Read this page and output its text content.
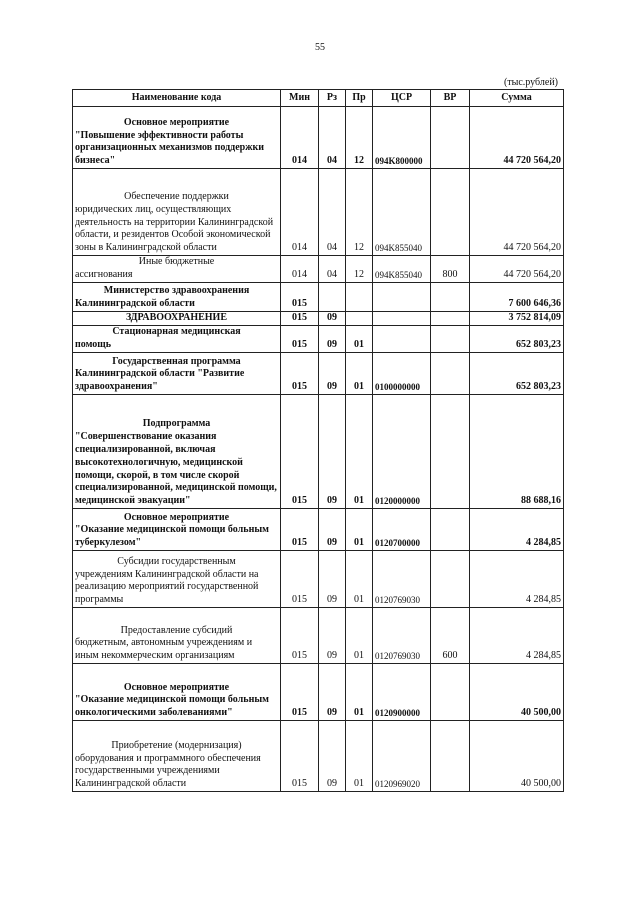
55
(тыс.рублей)
Наименование кода	Мин	Рз	Пр	ЦСР	ВР	Сумма

Основное мероприятие
"Повышение эффективности работы организационных механизмов поддержки бизнеса"	014	04	12	094K800000		44 720 564,20

Обеспечение поддержки
юридических лиц, осуществляющих деятельность на территории Калининградской области, и резидентов Особой экономической зоны в Калининградской области	014	04	12	094K855040		44 720 564,20

Иные бюджетные
ассигнования	014	04	12	094K855040	800	44 720 564,20

Министерство здравоохранения
Калининградской области	015					7 600 646,36

ЗДРАВООХРАНЕНИЕ	015	09				3 752 814,09

Стационарная медицинская
помощь	015	09	01			652 803,23

Государственная программа
Калининградской области "Развитие здравоохранения"	015	09	01	0100000000		652 803,23

Подпрограмма
"Совершенствование оказания специализированной, включая высокотехнологичную, медицинской помощи, скорой, в том числе скорой специализированной, медицинской помощи, медицинской эвакуации"	015	09	01	0120000000		88 688,16

Основное мероприятие
"Оказание медицинской помощи больным туберкулезом"	015	09	01	0120700000		4 284,85

Субсидии государственным
учреждениям Калининградской области на реализацию мероприятий государственной программы	015	09	01	0120769030		4 284,85

Предоставление субсидий
бюджетным, автономным учреждениям и иным некоммерческим организациям	015	09	01	0120769030	600	4 284,85

Основное мероприятие
"Оказание медицинской помощи больным онкологическими заболеваниями"	015	09	01	0120900000		40 500,00

Приобретение (модернизация)
оборудования и программного обеспечения государственными учреждениями Калининградской области	015	09	01	0120969020		40 500,00
